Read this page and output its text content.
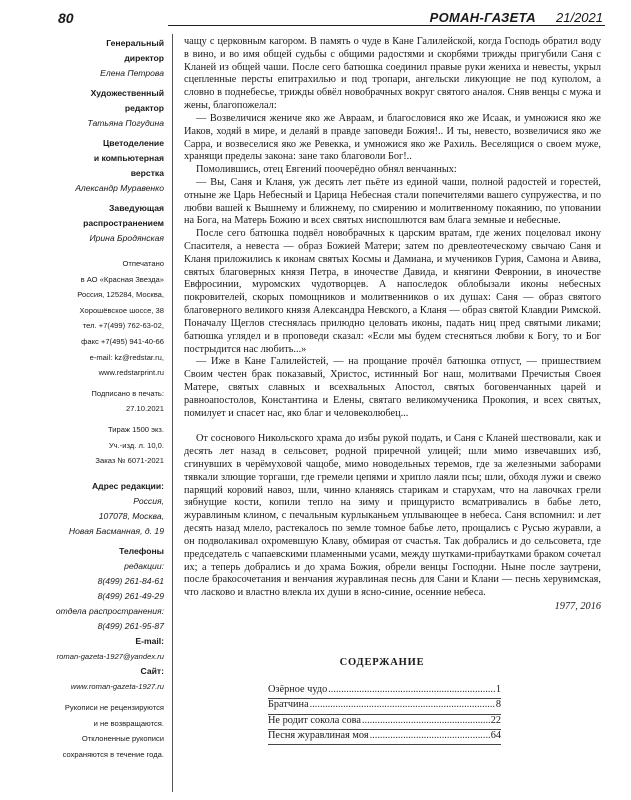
80	РОМАН-ГАЗЕТА 21/2021
Генеральный
директор
Елена Петрова
Художественный
редактор
Татьяна Погудина
Цветоделение
и компьютерная
верстка
Александр Муравенко
Заведующая
распространением
Ирина Бродянская
Отпечатано
в АО «Красная Звезда»
Россия, 125284, Москва,
Хорошёвское шоссе, 38
тел. +7(499) 762-63-02,
факс +7(495) 941-40-66
e-mail: kz@redstar.ru,
www.redstarprint.ru
Подписано в печать:
27.10.2021
Тираж 1500 экз.
Уч.-изд. л. 10,0.
Заказ № 6071-2021
Адрес редакции:
Россия,
107078, Москва,
Новая Басманная, д. 19
Телефоны
редакции:
8(499) 261-84-61
8(499) 261-49-29
отдела распространения:
8(499) 261-95-87
E-mail:
roman-gazeta-1927@yandex.ru
Сайт:
www.roman-gazeta-1927.ru
Рукописи не рецензируются
и не возвращаются.
Отклоненные рукописи
сохраняются в течение года.

чащу с церковным кагором. В память о чуде в Кане Галилейской, когда Господь обратил воду в вино, и во имя общей судьбы с общими радостями и скорбями трижды пригубили Саня с Кланей из общей чаши. После сего батюшка соединил правые руки жениха и невесты, укрыл сцепленные персты епитрахилью и под тропари, ангельски ликующие не под куполом, а словно в поднебесье, трижды обвёл новобрачных вокруг святого аналоя. Сняв венцы с мужа и жены, благопожелал:

— Возвеличися жениче яко же Авраам, и благословися яко же Исаак, и умножися яко же Иаков, ходяй в мире, и делаяй в правде заповеди Божия!.. И ты, невесто, возвеличися яко же Сарра, и возвеселися яко же Ревекка, и умножися яко же Рахиль. Веселящися о своем муже, хранящи пределы закона: зане тако благоволи Бог!..

Помолившись, отец Евгений поочерёдно обнял венчанных:

— Вы, Саня и Кланя, уж десять лет пьёте из единой чаши, полной радостей и горестей, отныне же Царь Небесный и Царица Небесная стали попечителями вашего супружества, и по любви вашей к Вышнему и ближнему, по смирению и молитвенному покаянию, по уповании на Бога, на Матерь Божию и всех святых ниспошлются вам блага земные и небесные.

После сего батюшка подвёл новобрачных к царским вратам, где жених поцеловал икону Спасителя, а невеста — образ Божией Матери; затем по древлеотеческому свычаю Саня и Кланя приложились к иконам святых Космы и Дамиана, и мучеников Гурия, Самона и Авива, святых благоверных князя Петра, в иночестве Давида, и княгини Февронии, в иночестве Евфросинии, муромских чудотворцев. А напоследок облобызали иконы небесных покровителей, скорых помощников и молитвенников о их душах: Саня — образ святого благоверного великого князя Александра Невского, а Кланя — образ святой Клавдии Римской. Поначалу Щеглов стеснялась прилюдно целовать иконы, падать ниц пред святыми ликами; батюшка углядел и в проповеди сказал: «Если мы будем стесняться любви к Богу, то и Бог пострыдится нас любить...»

— Иже в Кане Галилейстей, — на прощание прочёл батюшка отпуст, — пришествием Своим честен брак показавый, Христос, истинный Бог наш, молитвами Пречистыя Своея Матере, святых славных и всехвальных Апостол, святых боговенчанных царей и равноапостолов, Константина и Елены, святаго великомученика Прокопия, и всех святых, помилует и спасет нас, яко благ и человеколюбец...

От соснового Никольского храма до избы рукой подать, и Саня с Кланей шествовали, как и десять лет назад в сельсовет, родной приречной улицей; шли мимо извечавших изб, сгинувших в черёмуховой чащобе, мимо новодельных теремов, где за железными заборами тявкали злющие торгаши, где гремели цепями и хрипло лаяли псы; шли, обходя лужи и свежо парящий коровий навоз, шли, чинно кланяясь старикам и старухам, что на лавочках грели зябнущие кости, копили тепло на зиму и прищуристо всматривались в бабье лето, журавлиным клином, с печальным курлыканьем уплывающее в небеса. Саня вспомнил: и лет десять назад млело, растекалось по земле томное бабье лето, прощались с Русью журавли, а он подволакивал охромевшую Клаву, обмирая от счастья. Так добрались и до сельсовета, где председатель с чапаевскими пламенными усами, между шутками-прибаутками браком сочетал их; а теперь добрались и до храма Божия, обрели венцы Господни. Ныне после заутрени, после бракосочетания и венчания журавлиная песнь для Сани и Клани — песнь херувимская, что ласково и властно влекла их души в ясно-синие, осенние небеса.

1977, 2016

СОДЕРЖАНИЕ
Озёрное чудо .....	1
Братчина .....	8
Не родит сокола сова .....	22
Песня журавлиная моя .....	64
